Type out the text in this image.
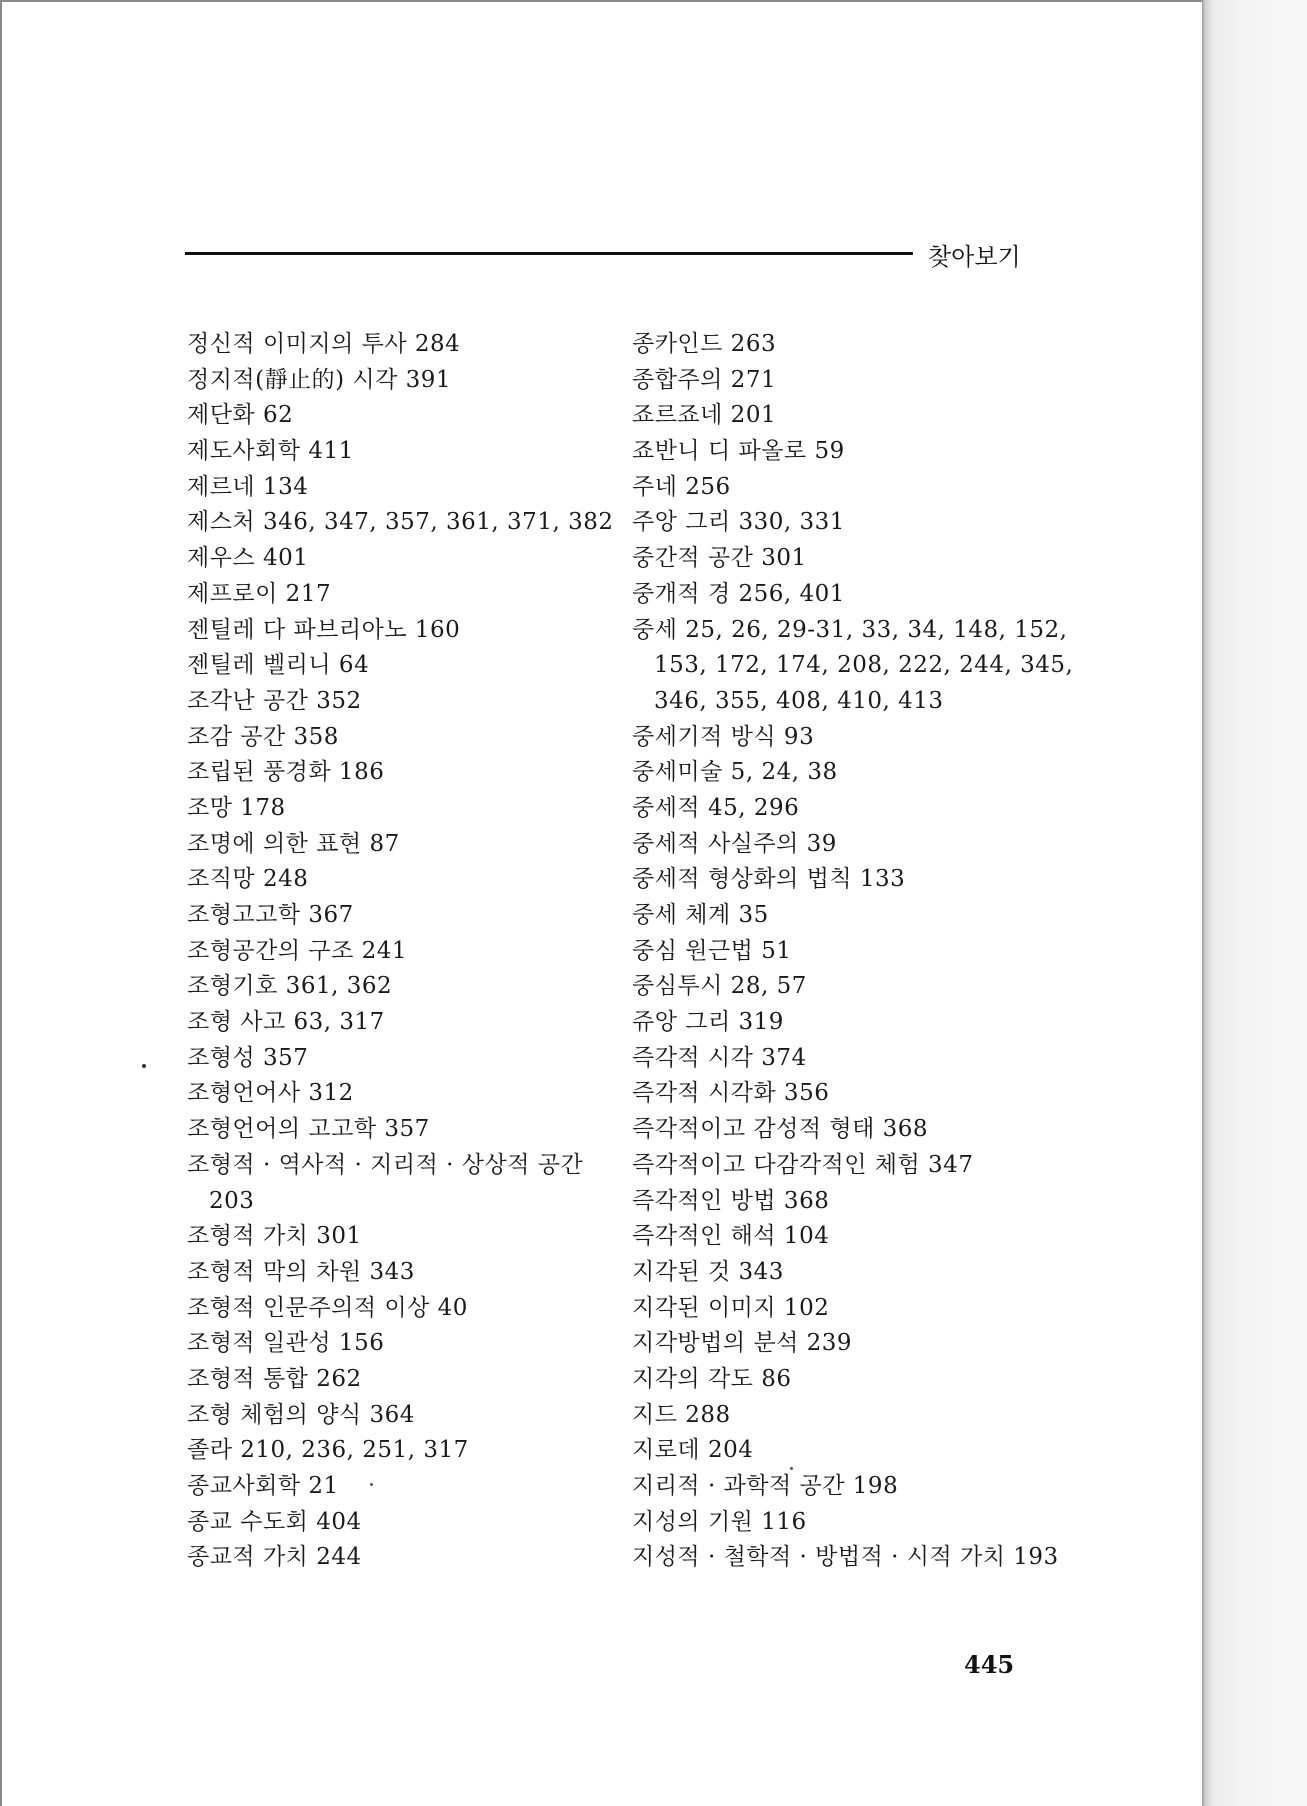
찾아보기
정신적 이미지의 투사 284
정지적(靜止的) 시각 391
제단화 62
제도사회학 411
제르네 134
제스처 346, 347, 357, 361, 371, 382
제우스 401
제프로이 217
젠틸레 다 파브리아노 160
젠틸레 벨리니 64
조각난 공간 352
조감 공간 358
조립된 풍경화 186
조망 178
조명에 의한 표현 87
조직망 248
조형고고학 367
조형공간의 구조 241
조형기호 361, 362
조형 사고 63, 317
조형성 357
조형언어사 312
조형언어의 고고학 357
조형적 · 역사적 · 지리적 · 상상적 공간
203
조형적 가치 301
조형적 막의 차원 343
조형적 인문주의적 이상 40
조형적 일관성 156
조형적 통합 262
조형 체험의 양식 364
졸라 210, 236, 251, 317
종교사회학 21
종교 수도회 404
종교적 가치 244
종카인드 263
종합주의 271
죠르죠네 201
죠반니 디 파올로 59
주네 256
주앙 그리 330, 331
중간적 공간 301
중개적 경 256, 401
중세 25, 26, 29-31, 33, 34, 148, 152,
153, 172, 174, 208, 222, 244, 345,
346, 355, 408, 410, 413
중세기적 방식 93
중세미술 5, 24, 38
중세적 45, 296
중세적 사실주의 39
중세적 형상화의 법칙 133
중세 체계 35
중심 원근법 51
중심투시 28, 57
쥬앙 그리 319
즉각적 시각 374
즉각적 시각화 356
즉각적이고 감성적 형태 368
즉각적이고 다감각적인 체험 347
즉각적인 방법 368
즉각적인 해석 104
지각된 것 343
지각된 이미지 102
지각방법의 분석 239
지각의 각도 86
지드 288
지로데 204
지리적 · 과학적 공간 198
지성의 기원 116
지성적 · 철학적 · 방법적 · 시적 가치 193
445
